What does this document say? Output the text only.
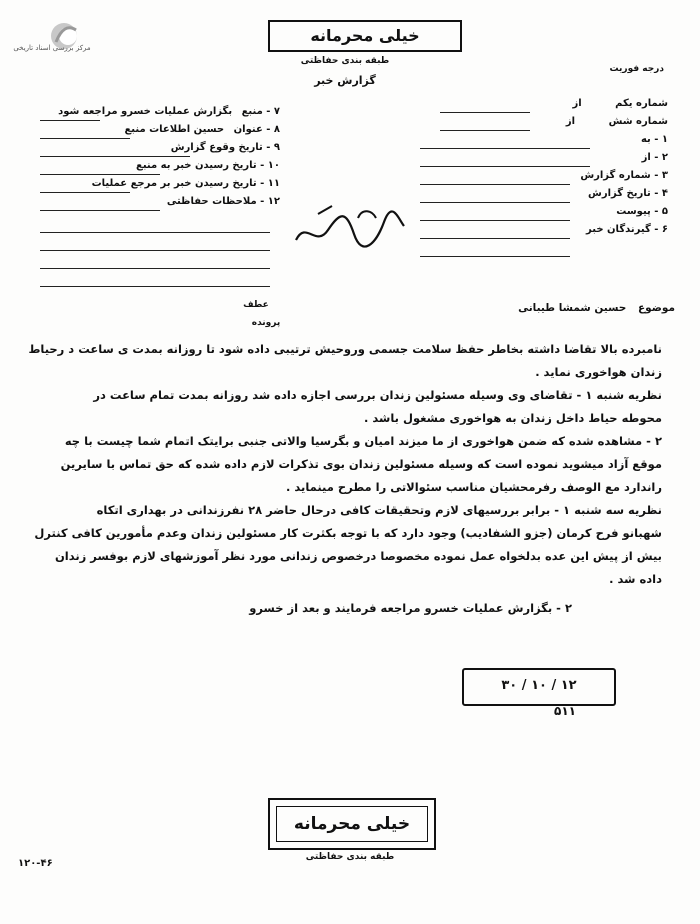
مرکز بررسی اسناد تاریخی
خیلی محرمانه
طبقه بندی حفاظتی
گزارش خبر
درجه فوریت
شماره یکم از
شماره شش از
۱ - به
۲ - از
۳ - شماره گزارش
۴ - تاریخ گزارش
۵ - پیوست
۶ - گیرندگان خبر
۷ - منبع بگزارش عملیات خسرو مراجعه شود
۸ - عنوان حسین اطلاعات منبع
۹ - تاریخ وقوع گزارش
۱۰ - تاریخ رسیدن خبر به منبع
۱۱ - تاریخ رسیدن خبر بر مرجع عملیات
۱۲ - ملاحظات حفاظتی
موضوع حسین شمشا طیبانی
عطف
پرونده
نامبرده بالا تقاضا داشته بخاطر حفظ سلامت جسمی وروحیش ترتیبی داده شود تا روزانه بمدت ی ساعت د رحیاط
زندان هواخوری نماید .
نظریه شنبه ۱ - تقاضای وی وسیله مسئولین زندان بررسی اجازه داده شد روزانه بمدت تمام ساعت در
محوطه حیاط داخل زندان به هواخوری مشغول باشد .
۲ - مشاهده شده که ضمن هواخوری از ما میزند امیان و بگرسیا والاتی جنبی برایتک اتمام شما چیست با چه
موقع آزاد میشوید نموده است که وسیله مسئولین زندان بوی تذکرات لازم داده شده که حق تماس با سایرین
راندارد مع الوصف رفرمحشیان مناسب سئوالاتی را مطرح مینماید .
نظریه سه شنبه ۱ - برابر بررسیهای لازم وتحقیقات کافی درحال حاضر ۲۸ نفرزندانی در بهداری اتکاه
شهبانو فرح کرمان (جزو الشفادیب) وجود دارد که با توجه بکثرت کار مسئولین زندان وعدم مأمورین کافی کنترل
بیش از پیش این عده بدلخواه عمل نموده مخصوصا درخصوص زندانی مورد نظر آموزشهای لازم بوفسر زندان
داده شد .
۲ - بگزارش عملیات خسرو مراجعه فرمایند و بعد از خسرو
۱۲ / ۱۰ / ۳۰
۵۱۱
خیلی محرمانه
طبقه بندی حفاظتی
۱۲۰-۴۶
